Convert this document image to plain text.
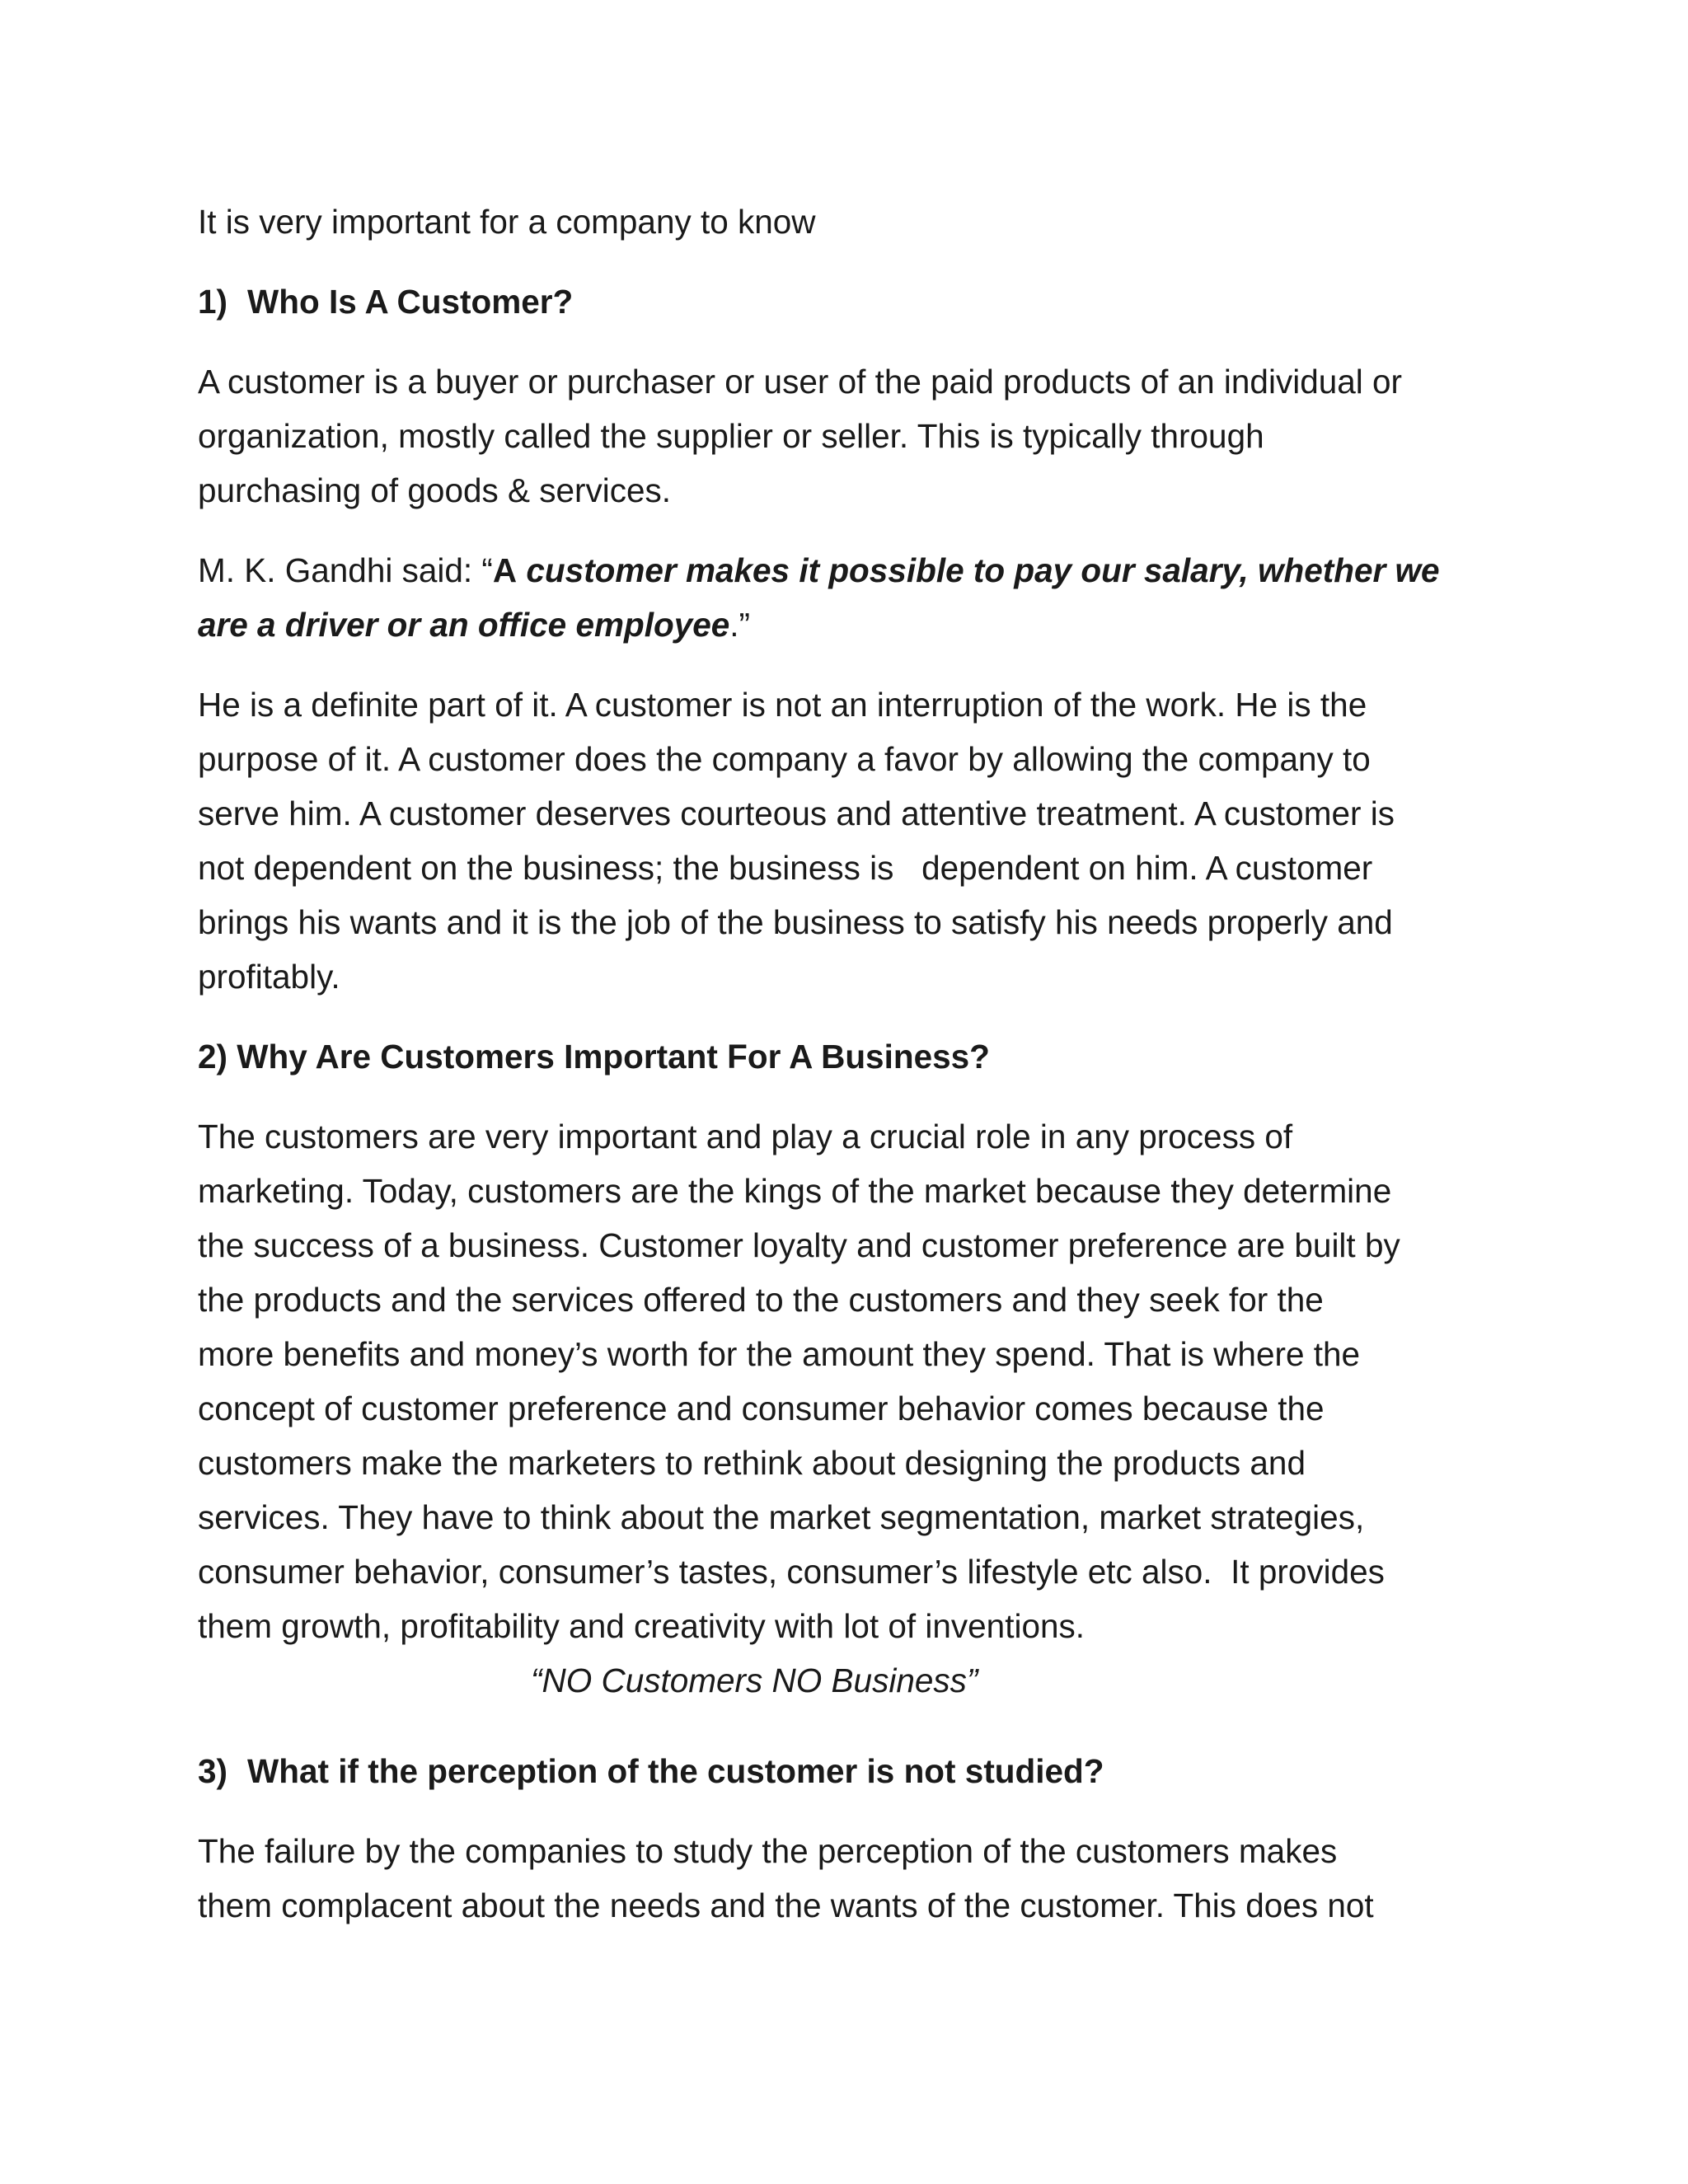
It is very important for a company to know

1) Who Is A Customer?

A customer is a buyer or purchaser or user of the paid products of an individual or

organization, mostly called the supplier or seller. This is typically through

purchasing of goods & services.

M. K. Gandhi said: “A customer makes it possible to pay our salary, whether we

are a driver or an office employee.”

He is a definite part of it. A customer is not an interruption of the work. He is the

purpose of it. A customer does the company a favor by allowing the company to

serve him. A customer deserves courteous and attentive treatment. A customer is

not dependent on the business; the business is   dependent on him. A customer

brings his wants and it is the job of the business to satisfy his needs properly and

profitably.

2) Why Are Customers Important For A Business?

The customers are very important and play a crucial role in any process of

marketing. Today, customers are the kings of the market because they determine

the success of a business. Customer loyalty and customer preference are built by

the products and the services offered to the customers and they seek for the

more benefits and money’s worth for the amount they spend. That is where the

concept of customer preference and consumer behavior comes because the

customers make the marketers to rethink about designing the products and

services. They have to think about the market segmentation, market strategies,

consumer behavior, consumer’s tastes, consumer’s lifestyle etc also.  It provides

them growth, profitability and creativity with lot of inventions.

“NO Customers NO Business”

3) What if the perception of the customer is not studied?

The failure by the companies to study the perception of the customers makes

them complacent about the needs and the wants of the customer. This does not
